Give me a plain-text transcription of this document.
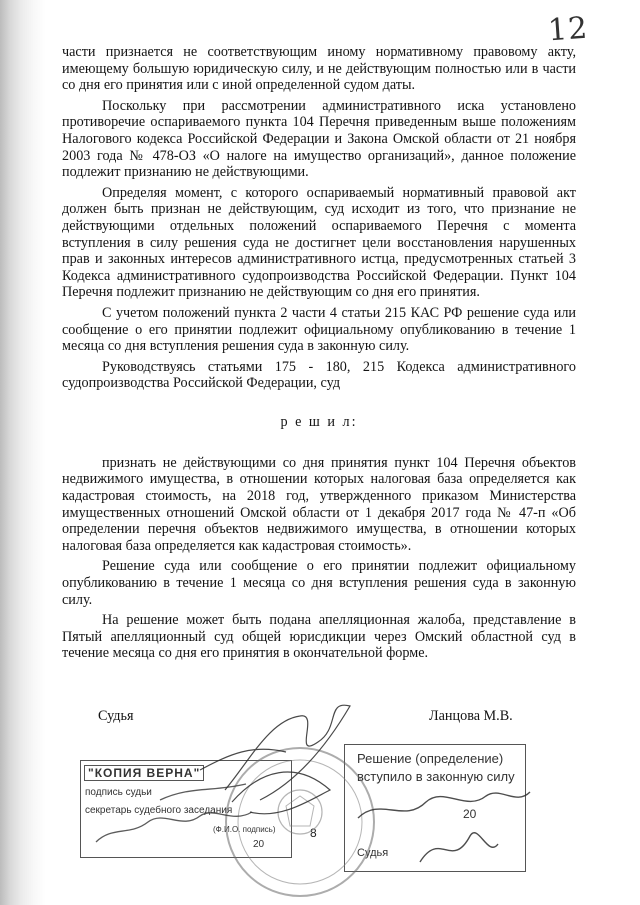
12

части признается не соответствующим иному нормативному правовому акту, имеющему большую юридическую силу, и не действующим полностью или в части со дня его принятия или с иной определенной судом даты.

Поскольку при рассмотрении административного иска установлено противоречие оспариваемого пункта 104 Перечня приведенным выше положениям Налогового кодекса Российской Федерации и Закона Омской области от 21 ноября 2003 года № 478-ОЗ «О налоге на имущество организаций», данное положение подлежит признанию не действующими.

Определяя момент, с которого оспариваемый нормативный правовой акт должен быть признан не действующим, суд исходит из того, что признание не действующими отдельных положений оспариваемого Перечня с момента вступления в силу решения суда не достигнет цели восстановления нарушенных прав и законных интересов административного истца, предусмотренных статьей 3 Кодекса административного судопроизводства Российской Федерации. Пункт 104 Перечня подлежит признанию не действующим со дня его принятия.

С учетом положений пункта 2 части 4 статьи 215 КАС РФ решение суда или сообщение о его принятии подлежит официальному опубликованию в течение 1 месяца со дня вступления решения суда в законную силу.

Руководствуясь статьями 175 - 180, 215 Кодекса административного судопроизводства Российской Федерации, суд

р е ш и л:

признать не действующими со дня принятия пункт 104 Перечня объектов недвижимого имущества, в отношении которых налоговая база определяется как кадастровая стоимость, на 2018 год, утвержденного приказом Министерства имущественных отношений Омской области от 1 декабря 2017 года № 47-п «Об определении перечня объектов недвижимого имущества, в отношении которых налоговая база определяется как кадастровая стоимость».

Решение суда или сообщение о его принятии подлежит официальному опубликованию в течение 1 месяца со дня вступления решения суда в законную силу.

На решение может быть подана апелляционная жалоба, представление в Пятый апелляционный суд общей юрисдикции через Омский областной суд в течение месяца со дня его принятия в окончательной форме.

Судья	Ланцова М.В.
"КОПИЯ ВЕРНА"
подпись судьи
секретарь судебного заседания
(Ф.И.О. подпись)
20
Решение (определение)
вступило в законную силу
20
Судья
8
